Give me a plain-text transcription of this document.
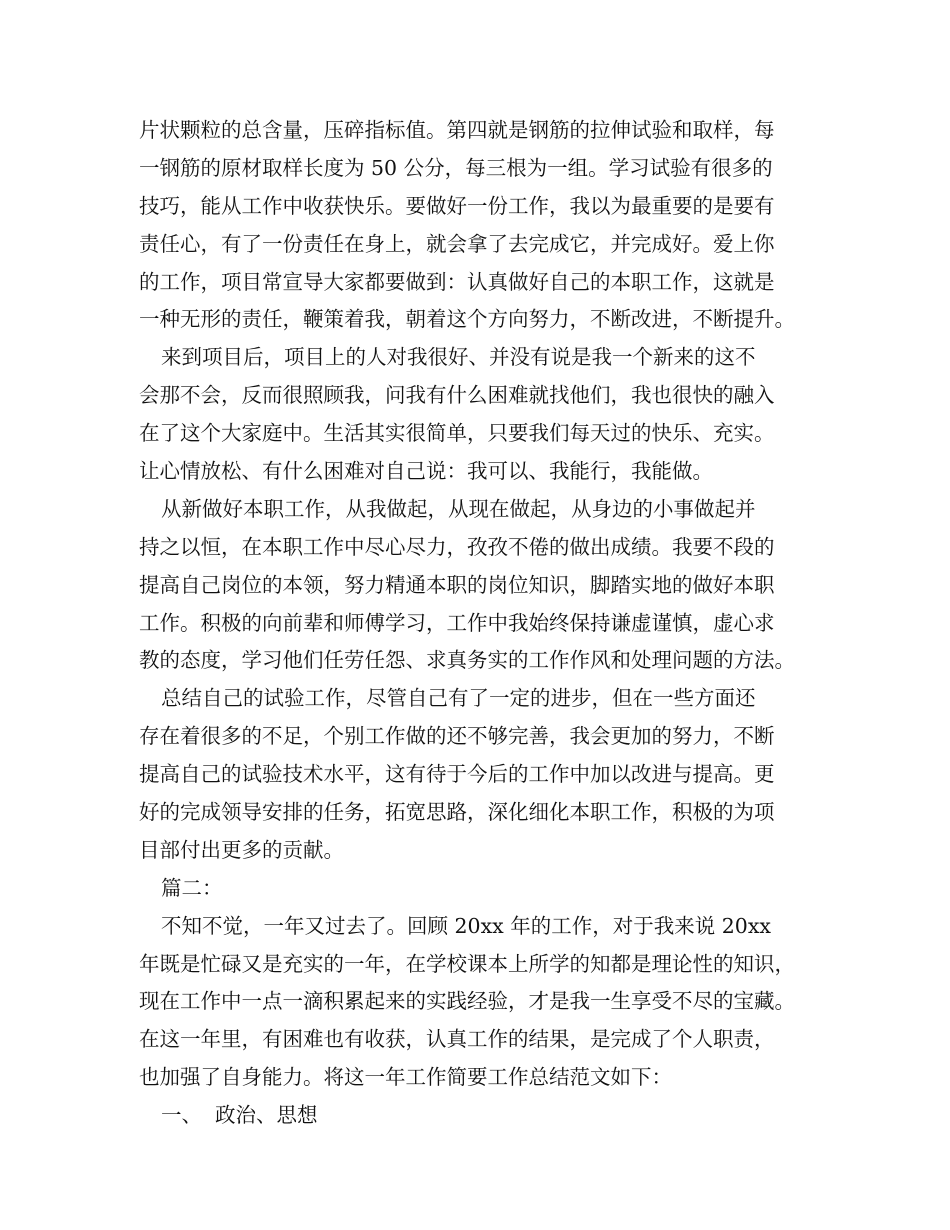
片状颗粒的总含量，压碎指标值。第四就是钢筋的拉伸试验和取样，每
一钢筋的原材取样长度为 50 公分，每三根为一组。学习试验有很多的
技巧，能从工作中收获快乐。要做好一份工作，我以为最重要的是要有
责任心，有了一份责任在身上，就会拿了去完成它，并完成好。爱上你
的工作，项目常宣导大家都要做到：认真做好自己的本职工作，这就是
一种无形的责任，鞭策着我，朝着这个方向努力，不断改进，不断提升。

来到项目后，项目上的人对我很好、并没有说是我一个新来的这不
会那不会，反而很照顾我，问我有什么困难就找他们，我也很快的融入
在了这个大家庭中。生活其实很简单，只要我们每天过的快乐、充实。
让心情放松、有什么困难对自己说：我可以、我能行，我能做。

从新做好本职工作，从我做起，从现在做起，从身边的小事做起并
持之以恒，在本职工作中尽心尽力，孜孜不倦的做出成绩。我要不段的
提高自己岗位的本领，努力精通本职的岗位知识，脚踏实地的做好本职
工作。积极的向前辈和师傅学习，工作中我始终保持谦虚谨慎，虚心求
教的态度，学习他们任劳任怨、求真务实的工作作风和处理问题的方法。

总结自己的试验工作，尽管自己有了一定的进步，但在一些方面还
存在着很多的不足，个别工作做的还不够完善，我会更加的努力，不断
提高自己的试验技术水平，这有待于今后的工作中加以改进与提高。更
好的完成领导安排的任务，拓宽思路，深化细化本职工作，积极的为项
目部付出更多的贡献。

篇二：

不知不觉，一年又过去了。回顾 20xx 年的工作，对于我来说 20xx
年既是忙碌又是充实的一年，在学校课本上所学的知都是理论性的知识，
现在工作中一点一滴积累起来的实践经验，才是我一生享受不尽的宝藏。
在这一年里，有困难也有收获，认真工作的结果，是完成了个人职责，
也加强了自身能力。将这一年工作简要工作总结范文如下：

一、  政治、思想
